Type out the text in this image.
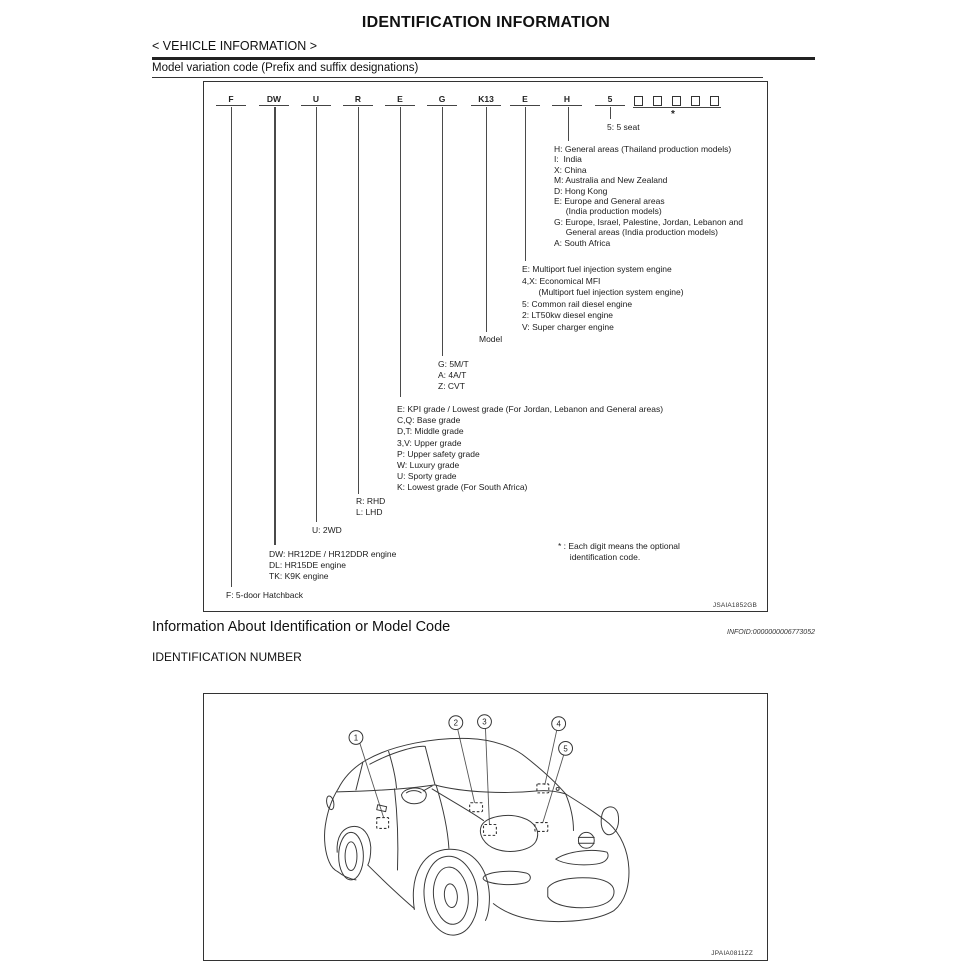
IDENTIFICATION INFORMATION
< VEHICLE INFORMATION >
Model variation code (Prefix and suffix designations)
F	DW	U	R	E	G	K13	E	H	5
*
5: 5 seat
H: General areas (Thailand production models)
I:  India
X: China
M: Australia and New Zealand
D: Hong Kong
E: Europe and General areas
(India production models)
G: Europe, Israel, Palestine, Jordan, Lebanon and
General areas (India production models)
A: South Africa
E: Multiport fuel injection system engine
4,X: Economical MFI
(Multiport fuel injection system engine)
5: Common rail diesel engine
2: LT50kw diesel engine
V: Super charger engine
Model
G: 5M/T
A: 4A/T
Z: CVT
E: KPI grade / Lowest grade (For Jordan, Lebanon and General areas)
C,Q: Base grade
D,T: Middle grade
3,V: Upper grade
P: Upper safety grade
W: Luxury grade
U: Sporty grade
K: Lowest grade (For South Africa)
R: RHD
L: LHD
U: 2WD
DW: HR12DE / HR12DDR engine
DL: HR15DE engine
TK: K9K engine
F: 5-door Hatchback
* : Each digit means the optional
identification code.
JSAIA1852GB
Information About Identification or Model Code	INFOID:0000000006773052
IDENTIFICATION NUMBER
1
2	3	4
5
JPAIA0811ZZ
